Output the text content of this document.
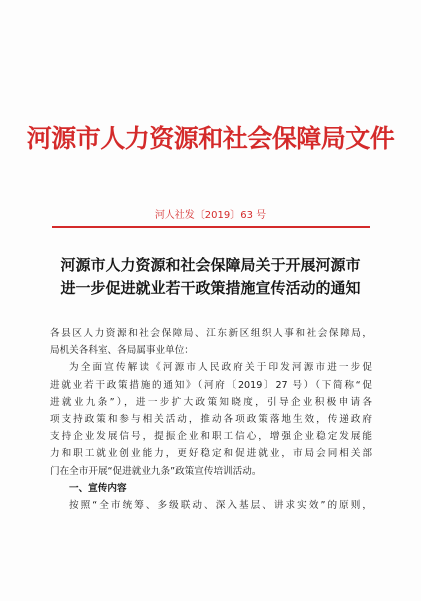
河源市人力资源和社会保障局文件
河人社发〔2019〕63 号
河源市人力资源和社会保障局关于开展河源市
进一步促进就业若干政策措施宣传活动的通知
各县区人力资源和社会保障局、江东新区组织人事和社会保障局，
局机关各科室、各局属事业单位：
为全面宣传解读《河源市人民政府关于印发河源市进一步促
进就业若干政策措施的通知》（河府〔2019〕27 号）（下简称“促
进就业九条”），进一步扩大政策知晓度，引导企业积极申请各
项支持政策和参与相关活动，推动各项政策落地生效，传递政府
支持企业发展信号，提振企业和职工信心，增强企业稳定发展能
力和职工就业创业能力，更好稳定和促进就业，市局会同相关部
门在全市开展“促进就业九条”政策宣传培训活动。
一、宣传内容
按照“全市统筹、多级联动、深入基层、讲求实效”的原则，
